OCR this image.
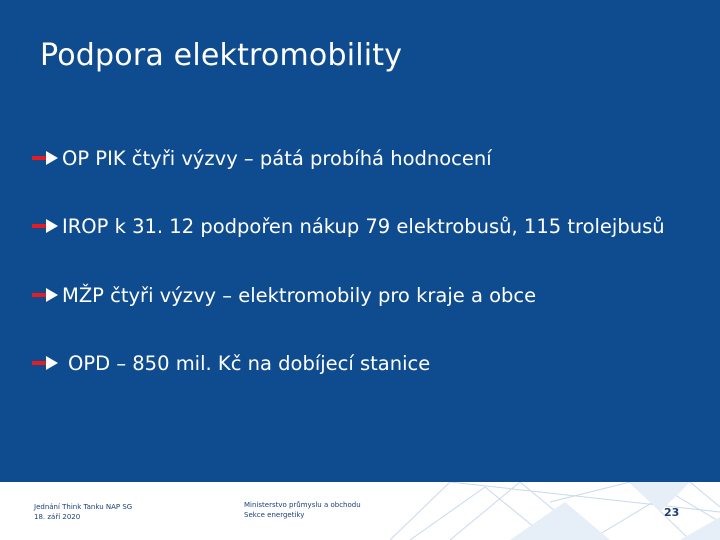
Podpora elektromobility
OP PIK čtyři výzvy – pátá probíhá hodnocení
IROP k 31. 12 podpořen nákup 79 elektrobusů, 115 trolejbusů
MŽP čtyři výzvy – elektromobily pro kraje a obce
OPD – 850 mil. Kč na dobíjecí stanice
Jednání Think Tanku NAP SG
18. září 2020
Ministerstvo průmyslu a obchodu
Sekce energetiky	23
